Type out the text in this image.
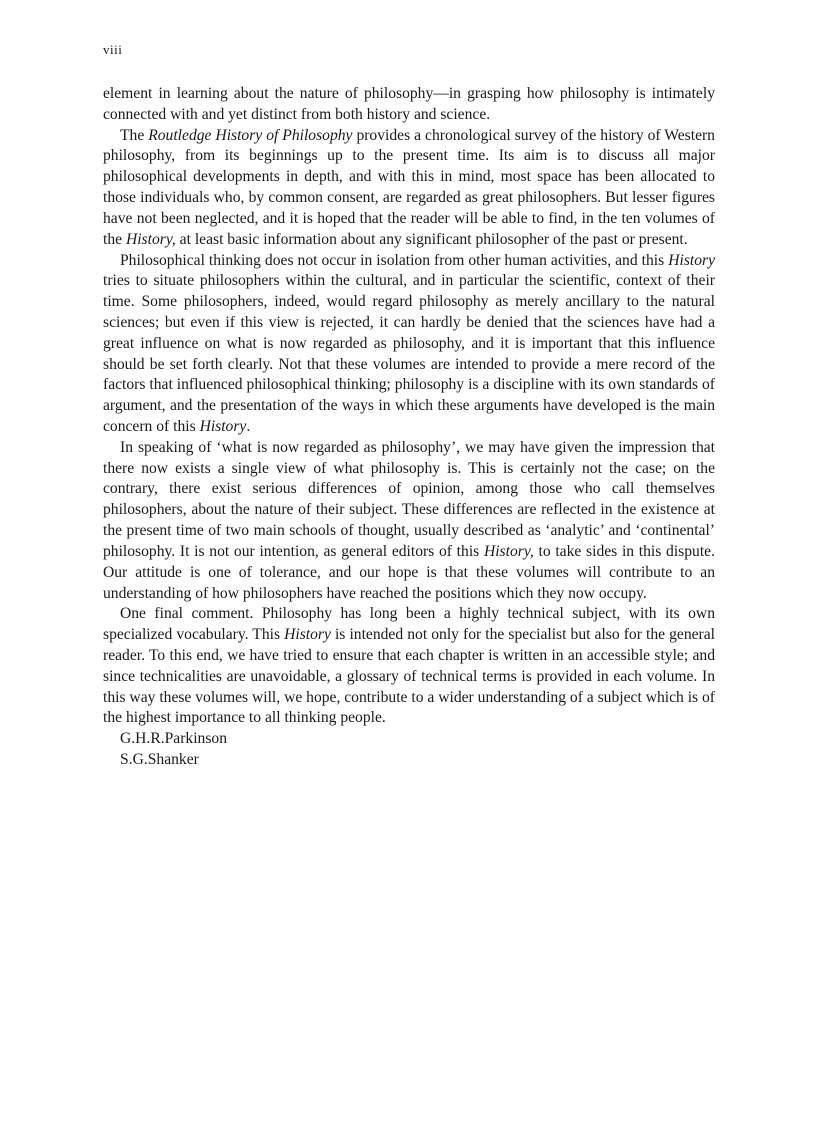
viii

element in learning about the nature of philosophy—in grasping how philosophy is intimately connected with and yet distinct from both history and science.

The Routledge History of Philosophy provides a chronological survey of the history of Western philosophy, from its beginnings up to the present time. Its aim is to discuss all major philosophical developments in depth, and with this in mind, most space has been allocated to those individuals who, by common consent, are regarded as great philosophers. But lesser figures have not been neglected, and it is hoped that the reader will be able to find, in the ten volumes of the History, at least basic information about any significant philosopher of the past or present.

Philosophical thinking does not occur in isolation from other human activities, and this History tries to situate philosophers within the cultural, and in particular the scientific, context of their time. Some philosophers, indeed, would regard philosophy as merely ancillary to the natural sciences; but even if this view is rejected, it can hardly be denied that the sciences have had a great influence on what is now regarded as philosophy, and it is important that this influence should be set forth clearly. Not that these volumes are intended to provide a mere record of the factors that influenced philosophical thinking; philosophy is a discipline with its own standards of argument, and the presentation of the ways in which these arguments have developed is the main concern of this History.

In speaking of ‘what is now regarded as philosophy’, we may have given the impression that there now exists a single view of what philosophy is. This is certainly not the case; on the contrary, there exist serious differences of opinion, among those who call themselves philosophers, about the nature of their subject. These differences are reflected in the existence at the present time of two main schools of thought, usually described as ‘analytic’ and ‘continental’ philosophy. It is not our intention, as general editors of this History, to take sides in this dispute. Our attitude is one of tolerance, and our hope is that these volumes will contribute to an understanding of how philosophers have reached the positions which they now occupy.

One final comment. Philosophy has long been a highly technical subject, with its own specialized vocabulary. This History is intended not only for the specialist but also for the general reader. To this end, we have tried to ensure that each chapter is written in an accessible style; and since technicalities are unavoidable, a glossary of technical terms is provided in each volume. In this way these volumes will, we hope, contribute to a wider understanding of a subject which is of the highest importance to all thinking people.

G.H.R.Parkinson

S.G.Shanker
